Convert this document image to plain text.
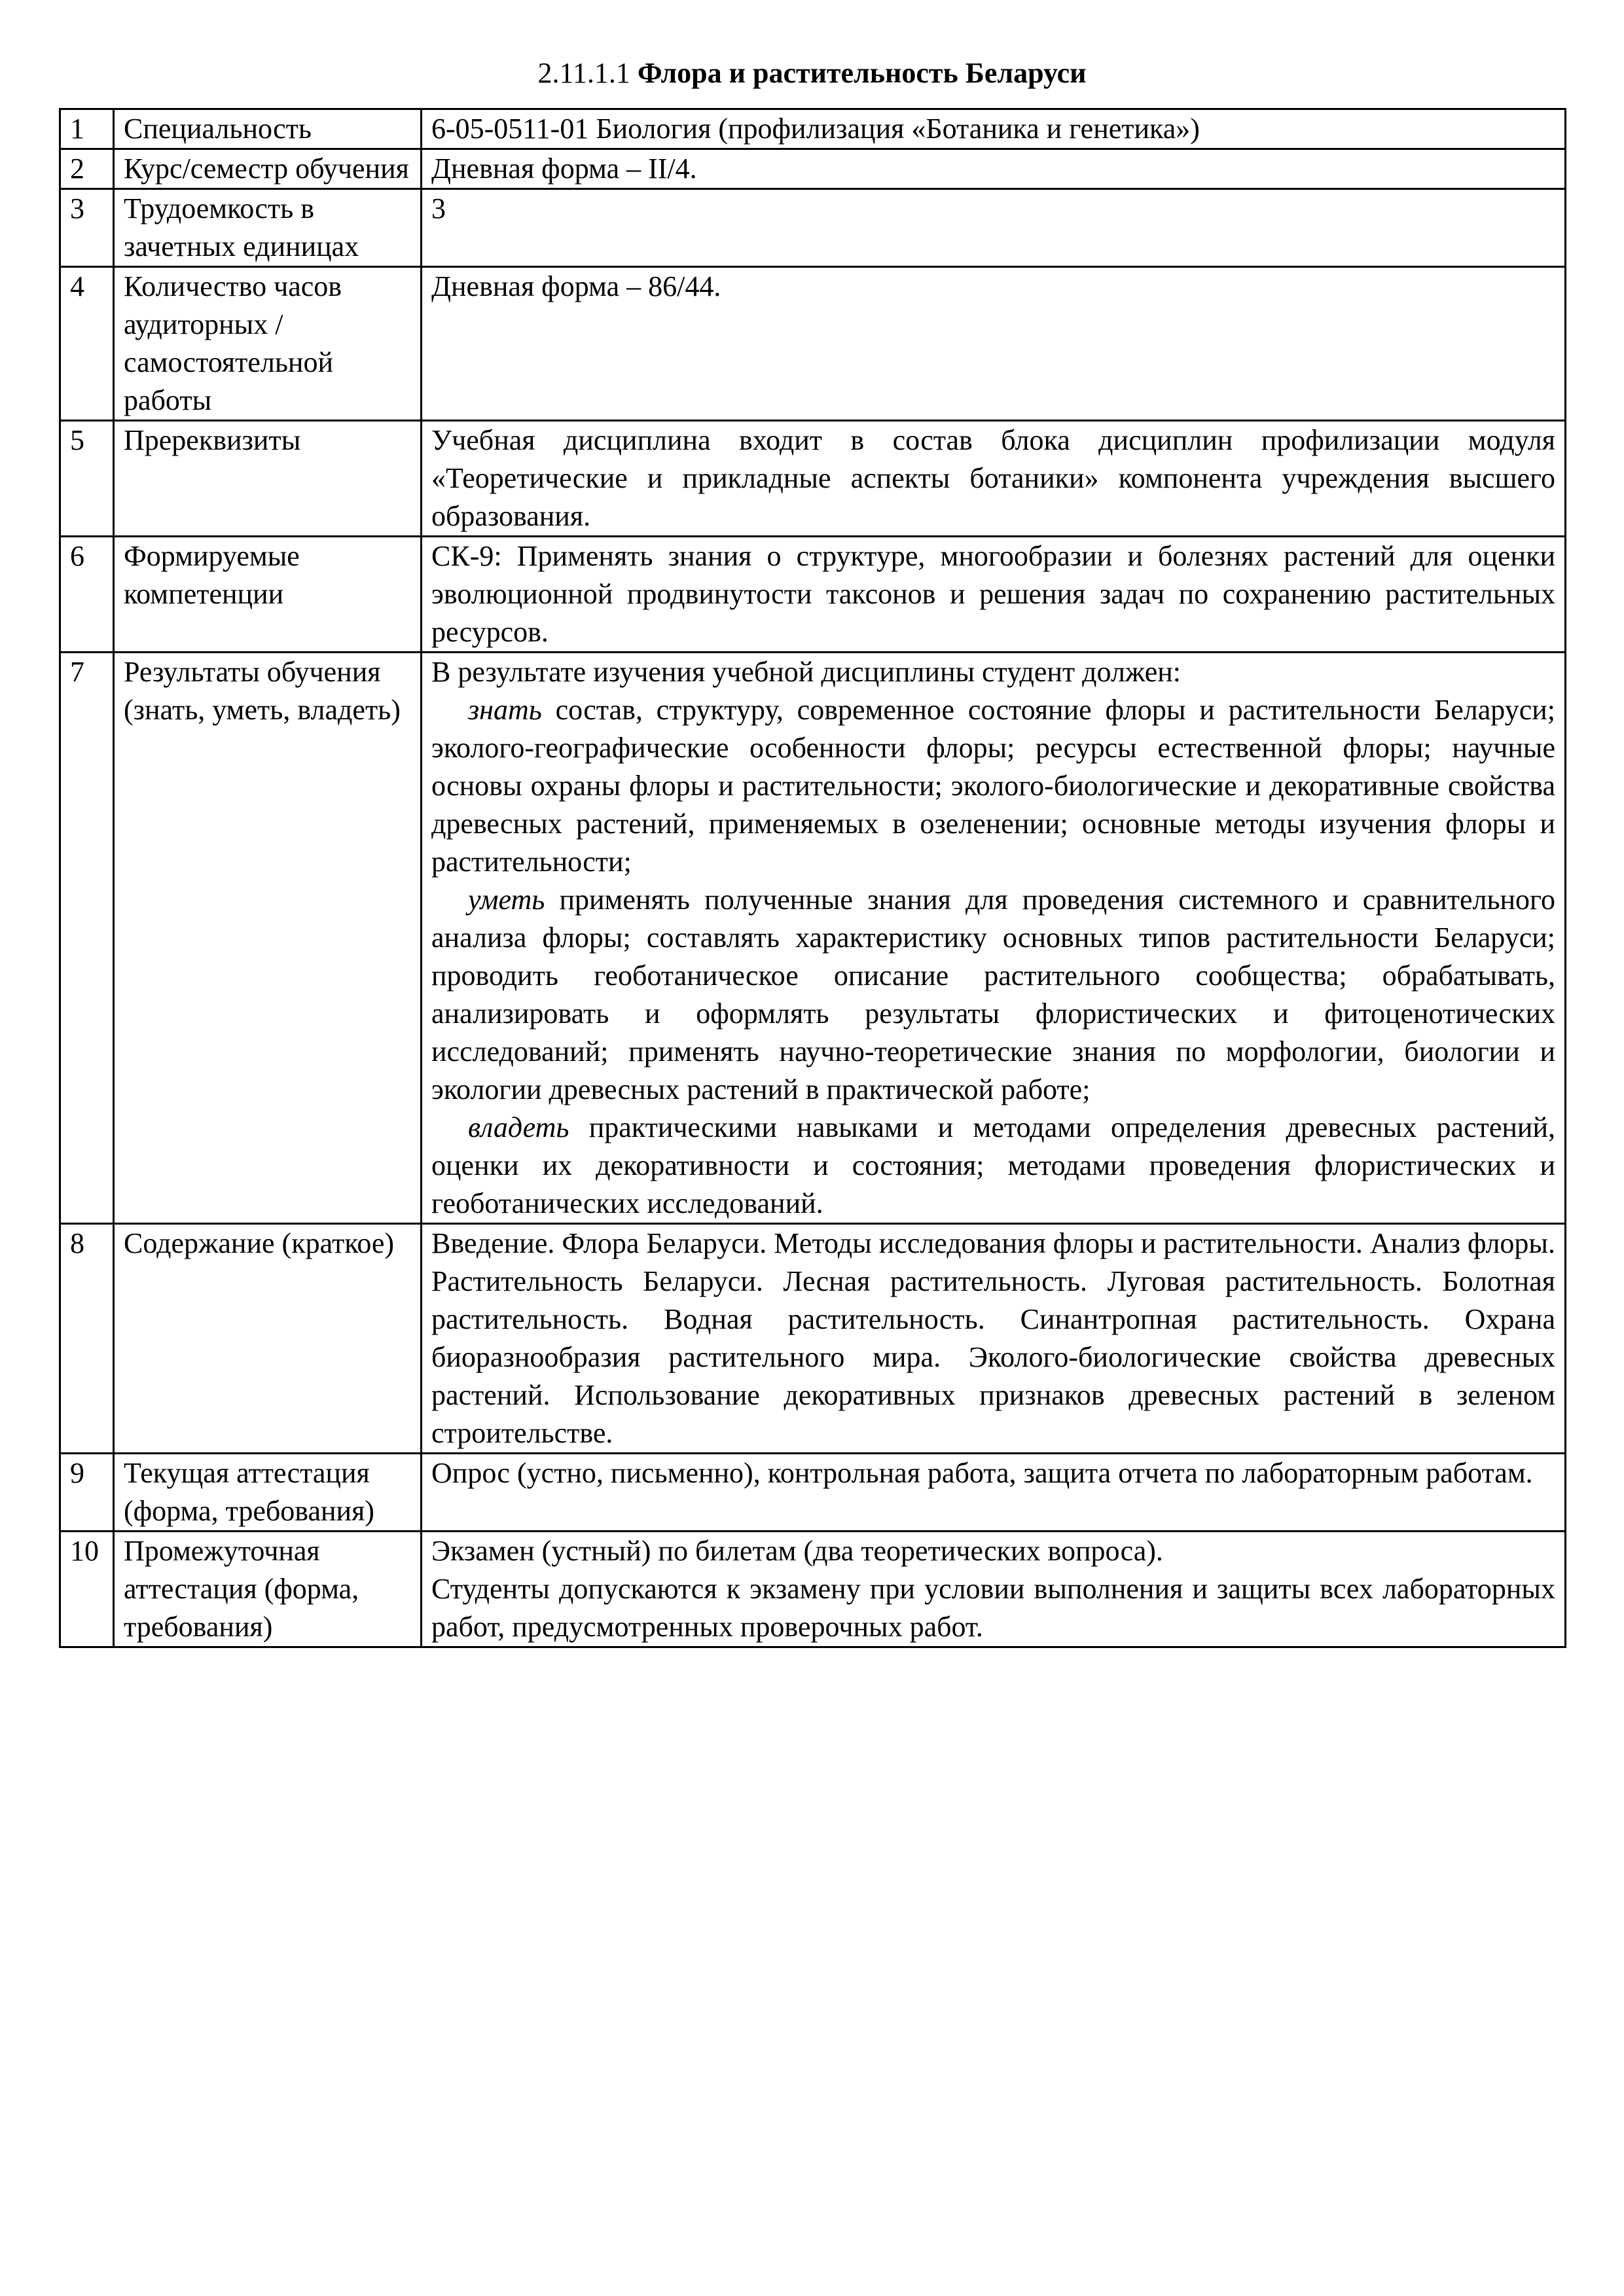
2.11.1.1 Флора и растительность Беларуси
1	Специальность	6-05-0511-01 Биология (профилизация «Ботаника и генетика»)
2	Курс/семестр обучения	Дневная форма – II/4.
3	Трудоемкость в зачетных единицах	3
4	Количество часов аудиторных / самостоятельной работы	Дневная форма – 86/44.
5	Пререквизиты	Учебная дисциплина входит в состав блока дисциплин профилизации модуля «Теоретические и прикладные аспекты ботаники» компонента учреждения высшего образования.
6	Формируемые компетенции	СК-9: Применять знания о структуре, многообразии и болезнях растений для оценки эволюционной продвинутости таксонов и решения задач по сохранению растительных ресурсов.
7	Результаты обучения (знать, уметь, владеть)	В результате изучения учебной дисциплины студент должен:
знать состав, структуру, современное состояние флоры и растительности Беларуси; эколого-географические особенности флоры; ресурсы естественной флоры; научные основы охраны флоры и растительности; эколого-биологические и декоративные свойства древесных растений, применяемых в озеленении; основные методы изучения флоры и растительности;
уметь применять полученные знания для проведения системного и сравнительного анализа флоры; составлять характеристику основных типов растительности Беларуси; проводить геоботаническое описание растительного сообщества; обрабатывать, анализировать и оформлять результаты флористических и фитоценотических исследований; применять научно-теоретические знания по морфологии, биологии и экологии древесных растений в практической работе;
владеть практическими навыками и методами определения древесных растений, оценки их декоративности и состояния; методами проведения флористических и геоботанических исследований.

8	Содержание (краткое)	Введение. Флора Беларуси. Методы исследования флоры и растительности. Анализ флоры. Растительность Беларуси. Лесная растительность. Луговая растительность. Болотная растительность. Водная растительность. Синантропная растительность. Охрана биоразнообразия растительного мира. Эколого-биологические свойства древесных растений. Использование декоративных признаков древесных растений в зеленом строительстве.
9	Текущая аттестация (форма, требования)	Опрос (устно, письменно), контрольная работа, защита отчета по лабораторным работам.
10	Промежуточная аттестация (форма, требования)	Экзамен (устный) по билетам (два теоретических вопроса).
Студенты допускаются к экзамену при условии выполнения и защиты всех лабораторных работ, предусмотренных проверочных работ.
